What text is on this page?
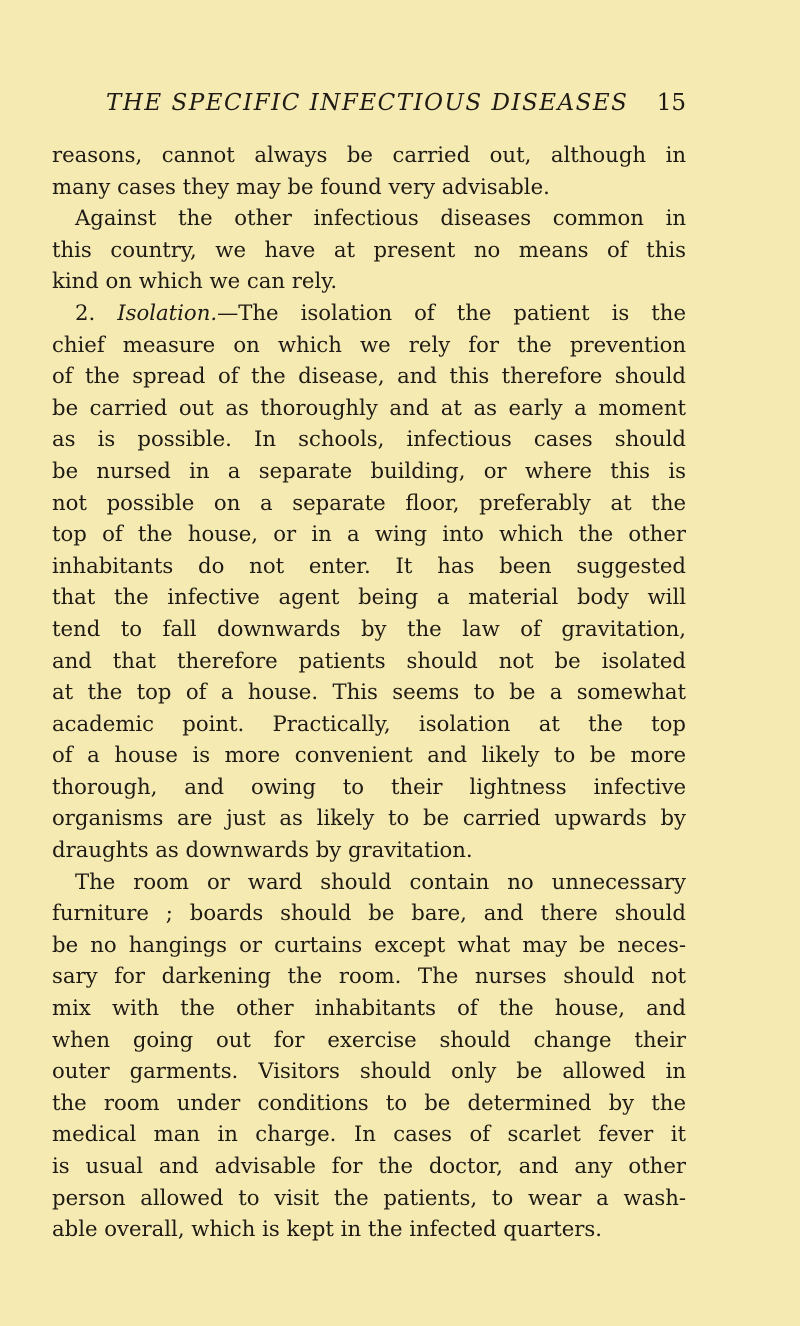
THE SPECIFIC INFECTIOUS DISEASES 15
reasons, cannot always be carried out, although in
many cases they may be found very advisable.
Against the other infectious diseases common in
this country, we have at present no means of this
kind on which we can rely.
2. Isolation.—The isolation of the patient is the
chief measure on which we rely for the prevention
of the spread of the disease, and this therefore should
be carried out as thoroughly and at as early a moment
as is possible. In schools, infectious cases should
be nursed in a separate building, or where this is
not possible on a separate floor, preferably at the
top of the house, or in a wing into which the other
inhabitants do not enter. It has been suggested
that the infective agent being a material body will
tend to fall downwards by the law of gravitation,
and that therefore patients should not be isolated
at the top of a house. This seems to be a somewhat
academic point. Practically, isolation at the top
of a house is more convenient and likely to be more
thorough, and owing to their lightness infective
organisms are just as likely to be carried upwards by
draughts as downwards by gravitation.
The room or ward should contain no unnecessary
furniture ; boards should be bare, and there should
be no hangings or curtains except what may be neces-
sary for darkening the room. The nurses should not
mix with the other inhabitants of the house, and
when going out for exercise should change their
outer garments. Visitors should only be allowed in
the room under conditions to be determined by the
medical man in charge. In cases of scarlet fever it
is usual and advisable for the doctor, and any other
person allowed to visit the patients, to wear a wash-
able overall, which is kept in the infected quarters.
